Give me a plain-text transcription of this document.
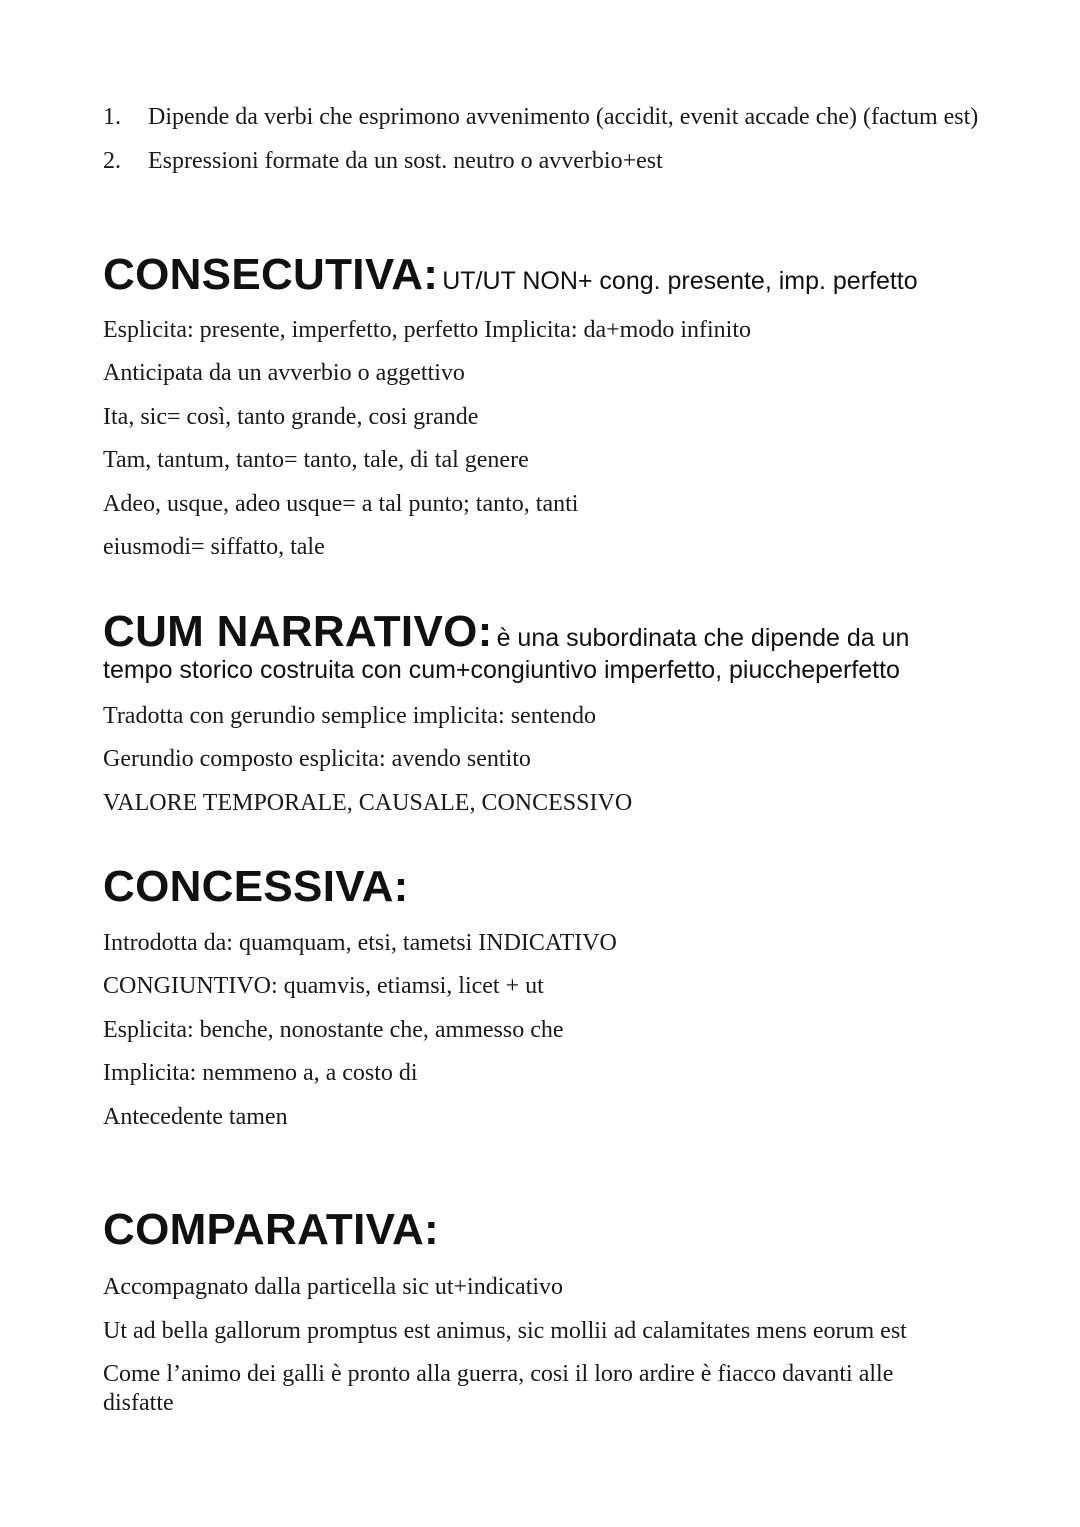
1. Dipende da verbi che esprimono avvenimento (accidit, evenit accade che) (factum est)
2. Espressioni formate da un sost. neutro o avverbio+est
CONSECUTIVA: UT/UT NON+ cong. presente, imp. perfetto
Esplicita: presente, imperfetto, perfetto Implicita: da+modo infinito
Anticipata da un avverbio o aggettivo
Ita, sic= così, tanto grande, cosi grande
Tam, tantum, tanto= tanto, tale, di tal genere
Adeo, usque, adeo usque= a tal punto; tanto, tanti
eiusmodi= siffatto, tale
CUM NARRATIVO: è una subordinata che dipende da un
tempo storico costruita con cum+congiuntivo imperfetto, piuccheperfetto
Tradotta con gerundio semplice implicita: sentendo
Gerundio composto esplicita: avendo sentito
VALORE TEMPORALE, CAUSALE, CONCESSIVO
CONCESSIVA:
Introdotta da: quamquam, etsi, tametsi INDICATIVO
CONGIUNTIVO: quamvis, etiamsi, licet + ut
Esplicita: benche, nonostante che, ammesso che
Implicita: nemmeno a, a costo di
Antecedente tamen
COMPARATIVA:
Accompagnato dalla particella sic ut+indicativo
Ut ad bella gallorum promptus est animus, sic mollii ad calamitates mens eorum est
Come l’animo dei galli è pronto alla guerra, cosi il loro ardire è fiacco davanti alle disfatte
